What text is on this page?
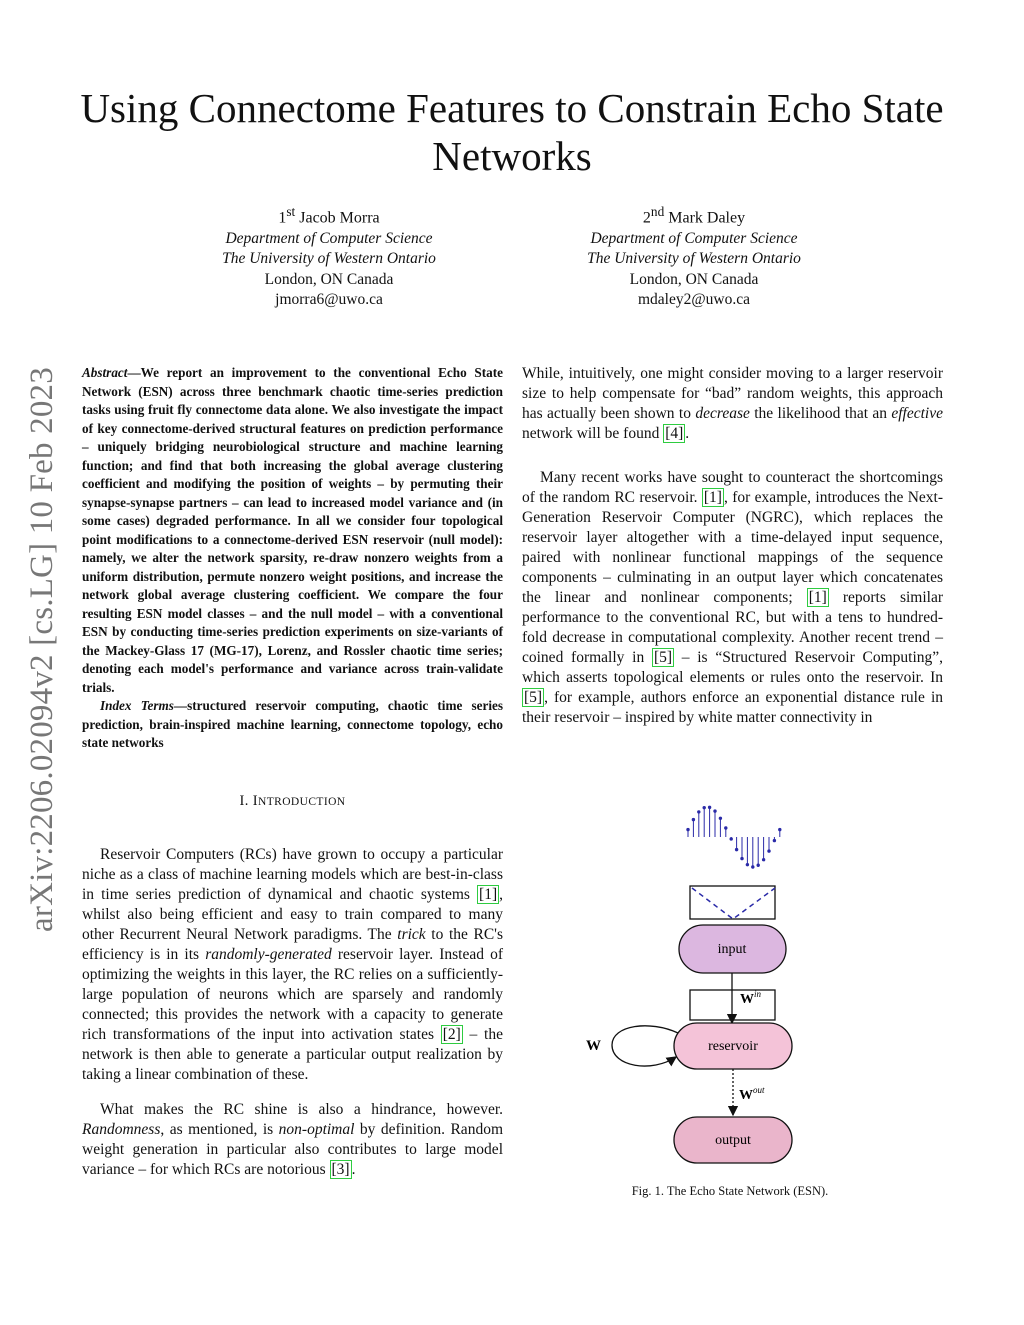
Using Connectome Features to Constrain Echo State Networks
1st Jacob Morra
Department of Computer Science
The University of Western Ontario
London, ON Canada
jmorra6@uwo.ca
2nd Mark Daley
Department of Computer Science
The University of Western Ontario
London, ON Canada
mdaley2@uwo.ca
arXiv:2206.02094v2 [cs.LG] 10 Feb 2023 Abstract—We report an improvement to the conventional Echo State Network (ESN) across three benchmark chaotic time-series prediction tasks using fruit fly connectome data alone. We also investigate the impact of key connectome-derived structural features on prediction performance – uniquely bridging neurobiological structure and machine learning function; and find that both increasing the global average clustering coefficient and modifying the position of weights – by permuting their synapse-synapse partners – can lead to increased model variance and (in some cases) degraded performance. In all we consider four topological point modifications to a connectome-derived ESN reservoir (null model): namely, we alter the network sparsity, re-draw nonzero weights from a uniform distribution, permute nonzero weight positions, and increase the network global average clustering coefficient. We compare the four resulting ESN model classes – and the null model – with a conventional ESN by conducting time-series prediction experiments on size-variants of the Mackey-Glass 17 (MG-17), Lorenz, and Rossler chaotic time series; denoting each model's performance and variance across train-validate trials.
Index Terms—structured reservoir computing, chaotic time series prediction, brain-inspired machine learning, connectome topology, echo state networks
I. INTRODUCTION

Reservoir Computers (RCs) have grown to occupy a particular niche as a class of machine learning models which are best-in-class in time series prediction of dynamical and chaotic systems [1] , whilst also being efficient and easy to train compared to many other Recurrent Neural Network paradigms. The trick to the RC's efficiency is in its randomly-generated reservoir layer. Instead of optimizing the weights in this layer, the RC relies on a sufficiently-large population of neurons which are sparsely and randomly connected; this provides the network with a capacity to generate rich transformations of the input into activation states [2] – the network is then able to generate a particular output realization by taking a linear combination of these.

What makes the RC shine is also a hindrance, however. Randomness, as mentioned, is non-optimal by definition. Random weight generation in particular also contributes to large model variance – for which RCs are notorious [3] .

While, intuitively, one might consider moving to a larger reservoir size to help compensate for “bad” random weights, this approach has actually been shown to decrease the likelihood that an effective network will be found [4] .

Many recent works have sought to counteract the shortcomings of the random RC reservoir. [1] , for example, introduces the Next-Generation Reservoir Computer (NGRC), which replaces the reservoir layer altogether with a time-delayed input sequence, paired with nonlinear functional mappings of the sequence components – culminating in an output layer which concatenates the linear and nonlinear components; [1] reports similar performance to the conventional RC, but with a tens to hundred-fold decrease in computational complexity. Another recent trend – coined formally in [5] – is “Structured Reservoir Computing”, which asserts topological elements or rules onto the reservoir. In [5] , for example, authors enforce an exponential distance rule in their reservoir – inspired by white matter connectivity in

input
$W^{in}$
reservoir
W
$W^{out}$
output
Fig. 1. The Echo State Network (ESN).
